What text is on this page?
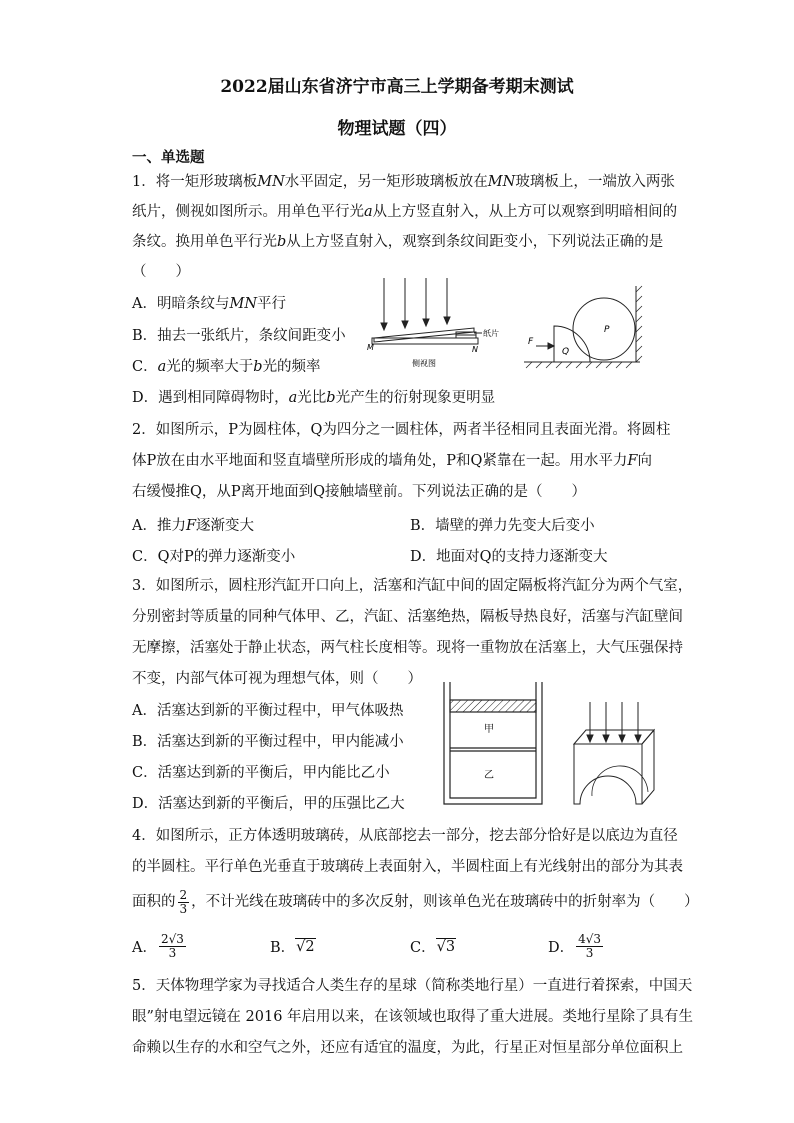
2022届山东省济宁市高三上学期备考期末测试
物理试题（四）
一、单选题
1．将一矩形玻璃板MN水平固定，另一矩形玻璃板放在MN玻璃板上，一端放入两张
纸片，侧视如图所示。用单色平行光a从上方竖直射入，从上方可以观察到明暗相间的
条纹。换用单色平行光b从上方竖直射入，观察到条纹间距变小，下列说法正确的是
（　　）
A．明暗条纹与MN平行
B．抽去一张纸片，条纹间距变小
C．a光的频率大于b光的频率
D．遇到相同障碍物时，a光比b光产生的衍射现象更明显
纸片
M	N
侧视图
F
Q
P
2．如图所示，P为圆柱体，Q为四分之一圆柱体，两者半径相同且表面光滑。将圆柱
体P放在由水平地面和竖直墙壁所形成的墙角处，P和Q紧靠在一起。用水平力F向
右缓慢推Q，从P离开地面到Q接触墙壁前。下列说法正确的是（　　）
A．推力F逐渐变大	B．墙壁的弹力先变大后变小
C．Q对P的弹力逐渐变小	D．地面对Q的支持力逐渐变大
3．如图所示，圆柱形汽缸开口向上，活塞和汽缸中间的固定隔板将汽缸分为两个气室，
分别密封等质量的同种气体甲、乙，汽缸、活塞绝热，隔板导热良好，活塞与汽缸壁间
无摩擦，活塞处于静止状态，两气柱长度相等。现将一重物放在活塞上，大气压强保持
不变，内部气体可视为理想气体，则（　　）
A．活塞达到新的平衡过程中，甲气体吸热
B．活塞达到新的平衡过程中，甲内能减小
C．活塞达到新的平衡后，甲内能比乙小
D．活塞达到新的平衡后，甲的压强比乙大
甲
乙
4．如图所示，正方体透明玻璃砖，从底部挖去一部分，挖去部分恰好是以底边为直径
的半圆柱。平行单色光垂直于玻璃砖上表面射入，半圆柱面上有光线射出的部分为其表
面积的 $\frac{2}{3}$ ，不计光线在玻璃砖中的多次反射，则该单色光在玻璃砖中的折射率为（　　）
A． $\frac{2√3}{3}$	B． √2	C． √3	D． $\frac{4√3}{3}$
5．天体物理学家为寻找适合人类生存的星球（简称类地行星）一直进行着探索，中国天
眼”射电望远镜在 2016 年启用以来，在该领域也取得了重大进展。类地行星除了具有生
命赖以生存的水和空气之外，还应有适宜的温度，为此，行星正对恒星部分单位面积上
